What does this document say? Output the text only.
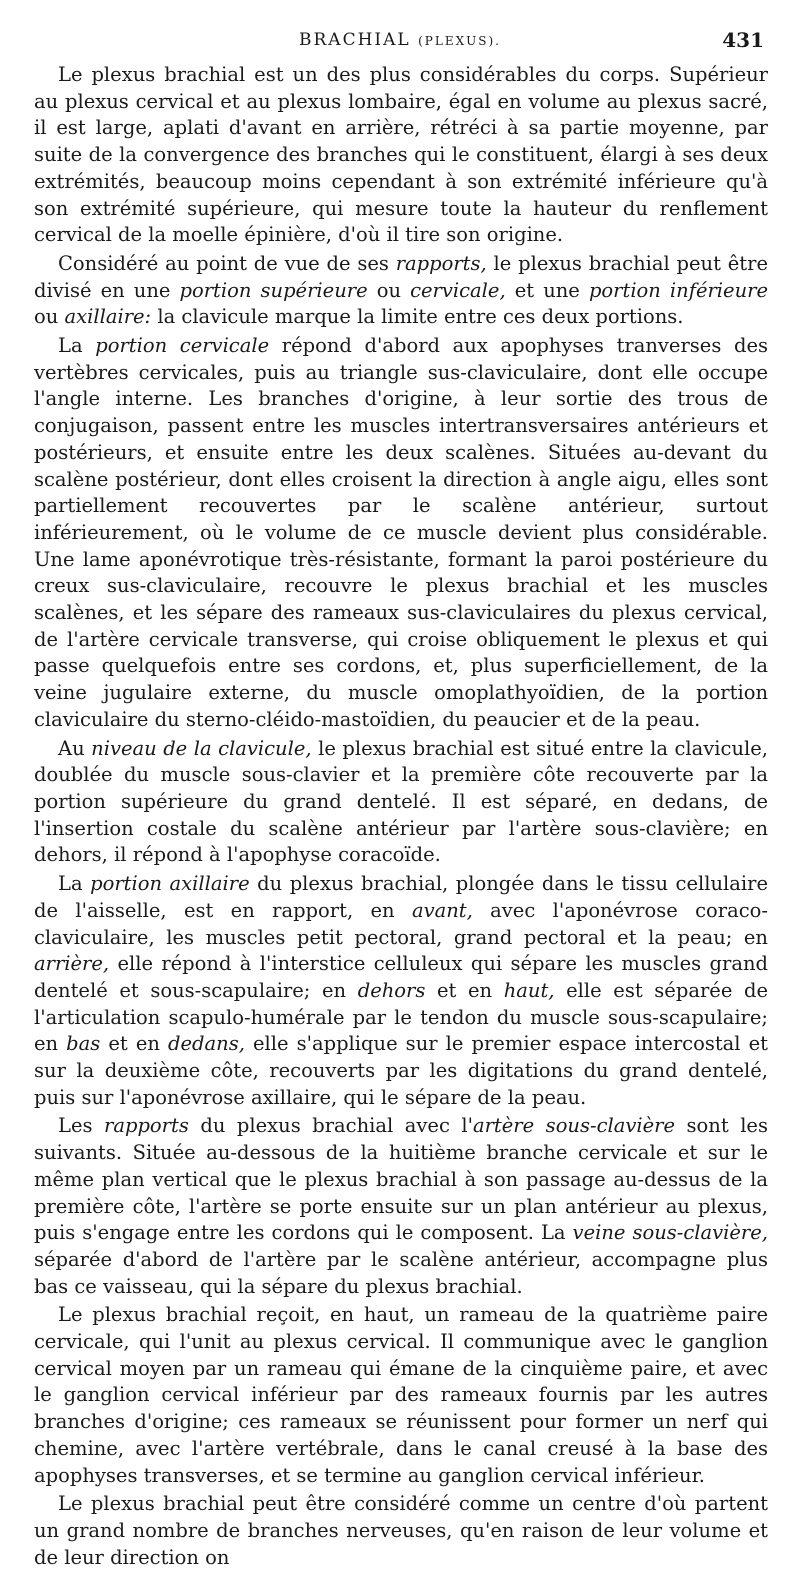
BRACHIAL (PLEXUS).	431

Le plexus brachial est un des plus considérables du corps. Supérieur au plexus cervical et au plexus lombaire, égal en volume au plexus sacré, il est large, aplati d'avant en arrière, rétréci à sa partie moyenne, par suite de la convergence des branches qui le constituent, élargi à ses deux extrémités, beaucoup moins cependant à son extrémité inférieure qu'à son extrémité supérieure, qui mesure toute la hauteur du renflement cervical de la moelle épinière, d'où il tire son origine.

Considéré au point de vue de ses rapports, le plexus brachial peut être divisé en une portion supérieure ou cervicale, et une portion inférieure ou axillaire: la clavicule marque la limite entre ces deux portions.

La portion cervicale répond d'abord aux apophyses tranverses des vertèbres cervicales, puis au triangle sus-claviculaire, dont elle occupe l'angle interne. Les branches d'origine, à leur sortie des trous de conjugaison, passent entre les muscles intertransversaires antérieurs et postérieurs, et ensuite entre les deux scalènes. Situées au-devant du scalène postérieur, dont elles croisent la direction à angle aigu, elles sont partiellement recouvertes par le scalène antérieur, surtout inférieurement, où le volume de ce muscle devient plus considérable. Une lame aponévrotique très-résistante, formant la paroi postérieure du creux sus-claviculaire, recouvre le plexus brachial et les muscles scalènes, et les sépare des rameaux sus-claviculaires du plexus cervical, de l'artère cervicale transverse, qui croise obliquement le plexus et qui passe quelquefois entre ses cordons, et, plus superficiellement, de la veine jugulaire externe, du muscle omoplathyoïdien, de la portion claviculaire du sterno-cléido-mastoïdien, du peaucier et de la peau.

Au niveau de la clavicule, le plexus brachial est situé entre la clavicule, doublée du muscle sous-clavier et la première côte recouverte par la portion supérieure du grand dentelé. Il est séparé, en dedans, de l'insertion costale du scalène antérieur par l'artère sous-clavière; en dehors, il répond à l'apophyse coracoïde.

La portion axillaire du plexus brachial, plongée dans le tissu cellulaire de l'aisselle, est en rapport, en avant, avec l'aponévrose coraco-claviculaire, les muscles petit pectoral, grand pectoral et la peau; en arrière, elle répond à l'interstice celluleux qui sépare les muscles grand dentelé et sous-scapulaire; en dehors et en haut, elle est séparée de l'articulation scapulo-humérale par le tendon du muscle sous-scapulaire; en bas et en dedans, elle s'applique sur le premier espace intercostal et sur la deuxième côte, recouverts par les digitations du grand dentelé, puis sur l'aponévrose axillaire, qui le sépare de la peau.

Les rapports du plexus brachial avec l'artère sous-clavière sont les suivants. Située au-dessous de la huitième branche cervicale et sur le même plan vertical que le plexus brachial à son passage au-dessus de la première côte, l'artère se porte ensuite sur un plan antérieur au plexus, puis s'engage entre les cordons qui le composent. La veine sous-clavière, séparée d'abord de l'artère par le scalène antérieur, accompagne plus bas ce vaisseau, qui la sépare du plexus brachial.

Le plexus brachial reçoit, en haut, un rameau de la quatrième paire cervicale, qui l'unit au plexus cervical. Il communique avec le ganglion cervical moyen par un rameau qui émane de la cinquième paire, et avec le ganglion cervical inférieur par des rameaux fournis par les autres branches d'origine; ces rameaux se réunissent pour former un nerf qui chemine, avec l'artère vertébrale, dans le canal creusé à la base des apophyses transverses, et se termine au ganglion cervical inférieur.

Le plexus brachial peut être considéré comme un centre d'où partent un grand nombre de branches nerveuses, qu'en raison de leur volume et de leur direction on
